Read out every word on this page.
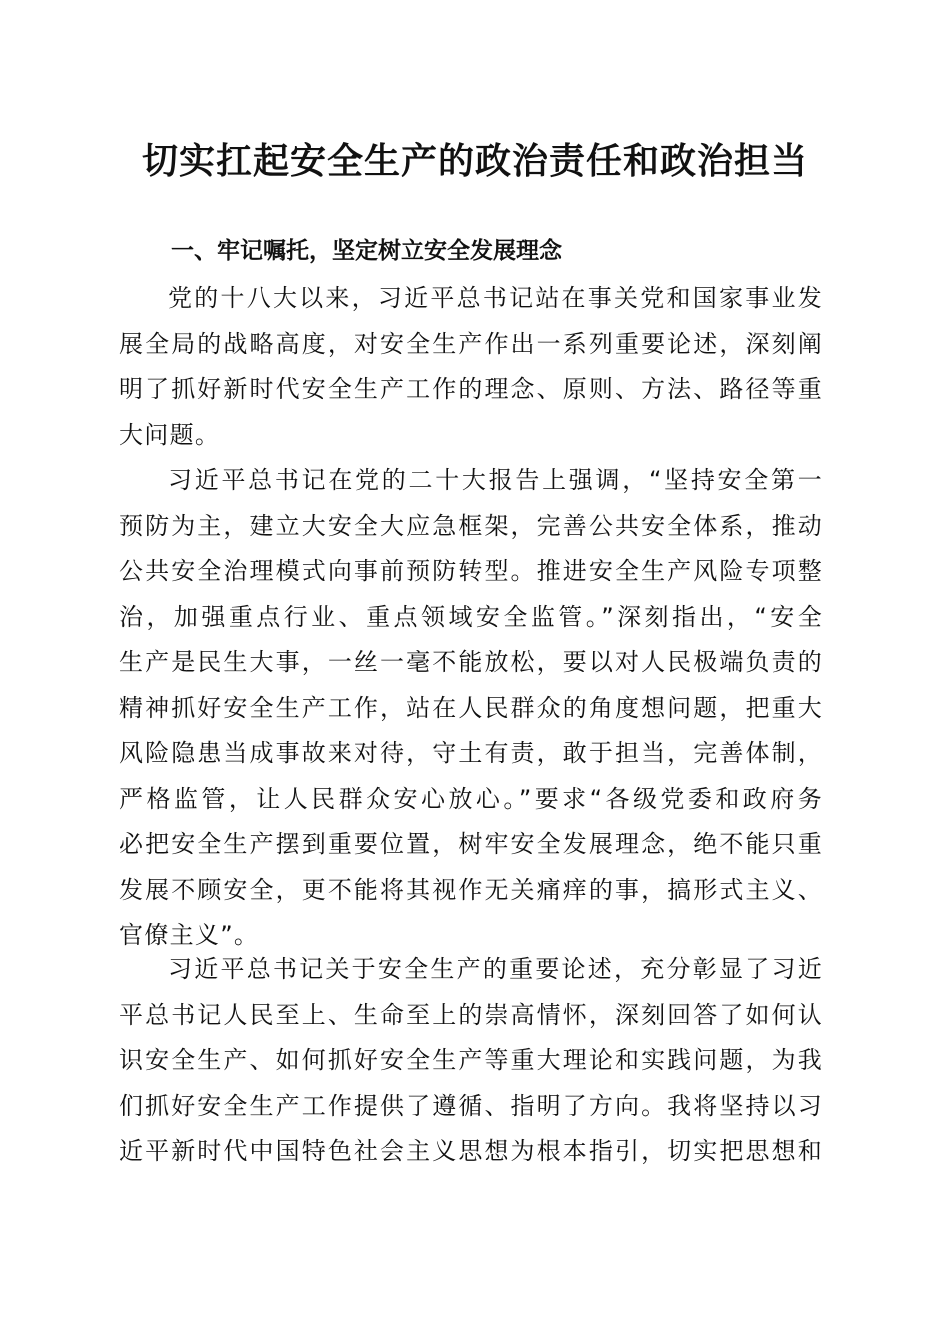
切实扛起安全生产的政治责任和政治担当
一、牢记嘱托，坚定树立安全发展理念

党的十八大以来，习近平总书记站在事关党和国家事业发
展全局的战略高度，对安全生产作出一系列重要论述，深刻阐
明了抓好新时代安全生产工作的理念、原则、方法、路径等重
大问题。

习近平总书记在党的二十大报告上强调，“坚持安全第一
预防为主，建立大安全大应急框架，完善公共安全体系，推动
公共安全治理模式向事前预防转型。推进安全生产风险专项整
治，加强重点行业、重点领域安全监管。”深刻指出，“安全
生产是民生大事，一丝一毫不能放松，要以对人民极端负责的
精神抓好安全生产工作，站在人民群众的角度想问题，把重大
风险隐患当成事故来对待，守土有责，敢于担当，完善体制，
严格监管，让人民群众安心放心。”要求“各级党委和政府务
必把安全生产摆到重要位置，树牢安全发展理念，绝不能只重
发展不顾安全，更不能将其视作无关痛痒的事，搞形式主义、
官僚主义”。

习近平总书记关于安全生产的重要论述，充分彰显了习近
平总书记人民至上、生命至上的崇高情怀，深刻回答了如何认
识安全生产、如何抓好安全生产等重大理论和实践问题，为我
们抓好安全生产工作提供了遵循、指明了方向。我将坚持以习
近平新时代中国特色社会主义思想为根本指引，切实把思想和
